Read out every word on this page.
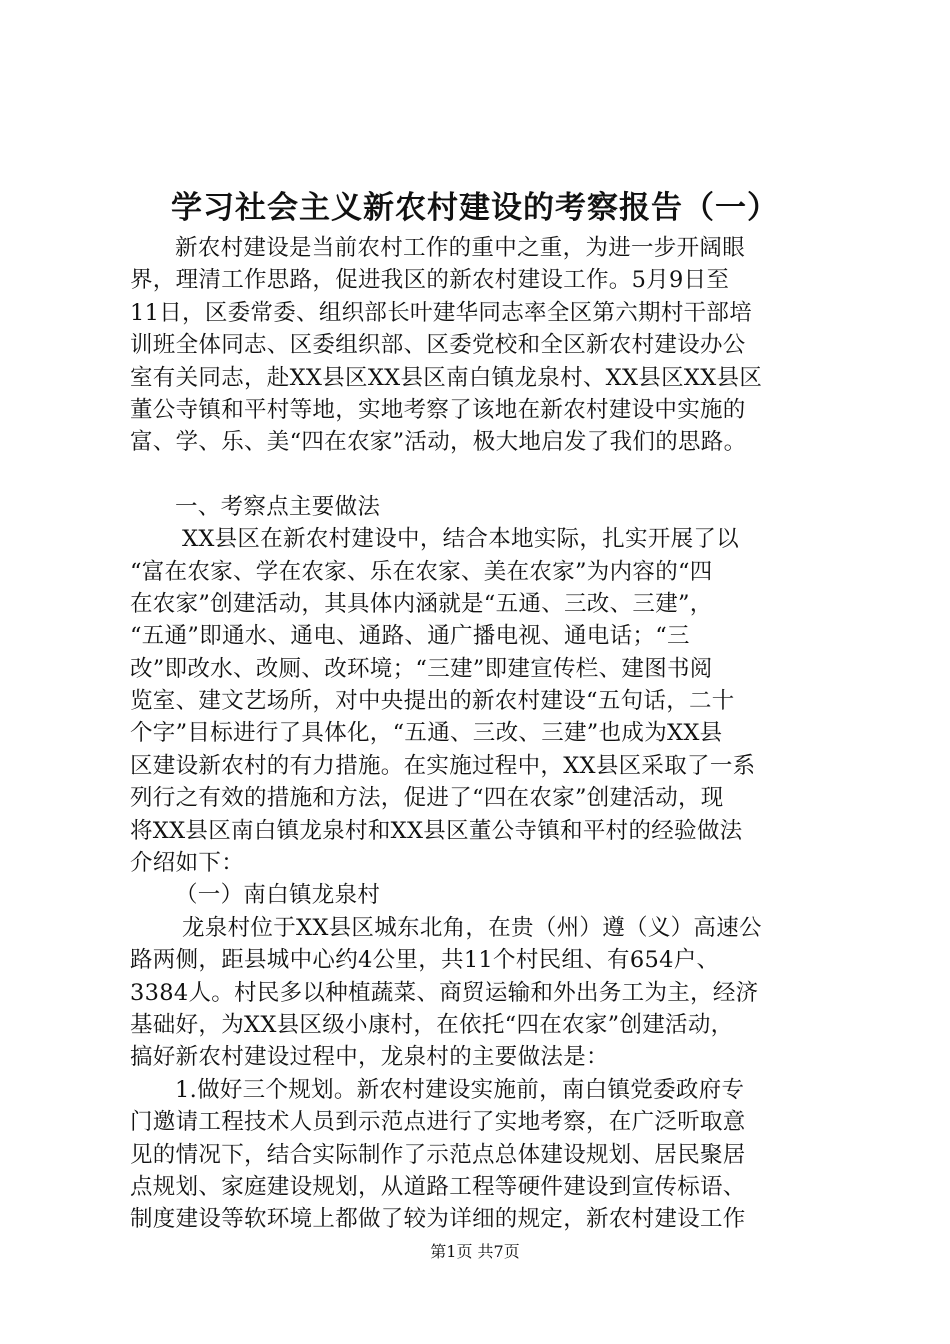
学习社会主义新农村建设的考察报告（一）
新农村建设是当前农村工作的重中之重，为进一步开阔眼
界，理清工作思路，促进我区的新农村建设工作。5月9日至
11日，区委常委、组织部长叶建华同志率全区第六期村干部培
训班全体同志、区委组织部、区委党校和全区新农村建设办公
室有关同志，赴XX县区XX县区南白镇龙泉村、XX县区XX县区
董公寺镇和平村等地，实地考察了该地在新农村建设中实施的
富、学、乐、美“四在农家”活动，极大地启发了我们的思路。
一、考察点主要做法
XX县区在新农村建设中，结合本地实际，扎实开展了以
“富在农家、学在农家、乐在农家、美在农家”为内容的“四
在农家”创建活动，其具体内涵就是“五通、三改、三建”，
“五通”即通水、通电、通路、通广播电视、通电话；“三
改”即改水、改厕、改环境；“三建”即建宣传栏、建图书阅
览室、建文艺场所，对中央提出的新农村建设“五句话，二十
个字”目标进行了具体化，“五通、三改、三建”也成为XX县
区建设新农村的有力措施。在实施过程中，XX县区采取了一系
列行之有效的措施和方法，促进了“四在农家”创建活动，现
将XX县区南白镇龙泉村和XX县区董公寺镇和平村的经验做法
介绍如下：
（一）南白镇龙泉村
龙泉村位于XX县区城东北角，在贵（州）遵（义）高速公
路两侧，距县城中心约4公里，共11个村民组、有654户、
3384人。村民多以种植蔬菜、商贸运输和外出务工为主，经济
基础好，为XX县区级小康村，在依托“四在农家”创建活动，
搞好新农村建设过程中，龙泉村的主要做法是：
1.做好三个规划。新农村建设实施前，南白镇党委政府专
门邀请工程技术人员到示范点进行了实地考察，在广泛听取意
见的情况下，结合实际制作了示范点总体建设规划、居民聚居
点规划、家庭建设规划，从道路工程等硬件建设到宣传标语、
制度建设等软环境上都做了较为详细的规定，新农村建设工作
第1页 共7页
